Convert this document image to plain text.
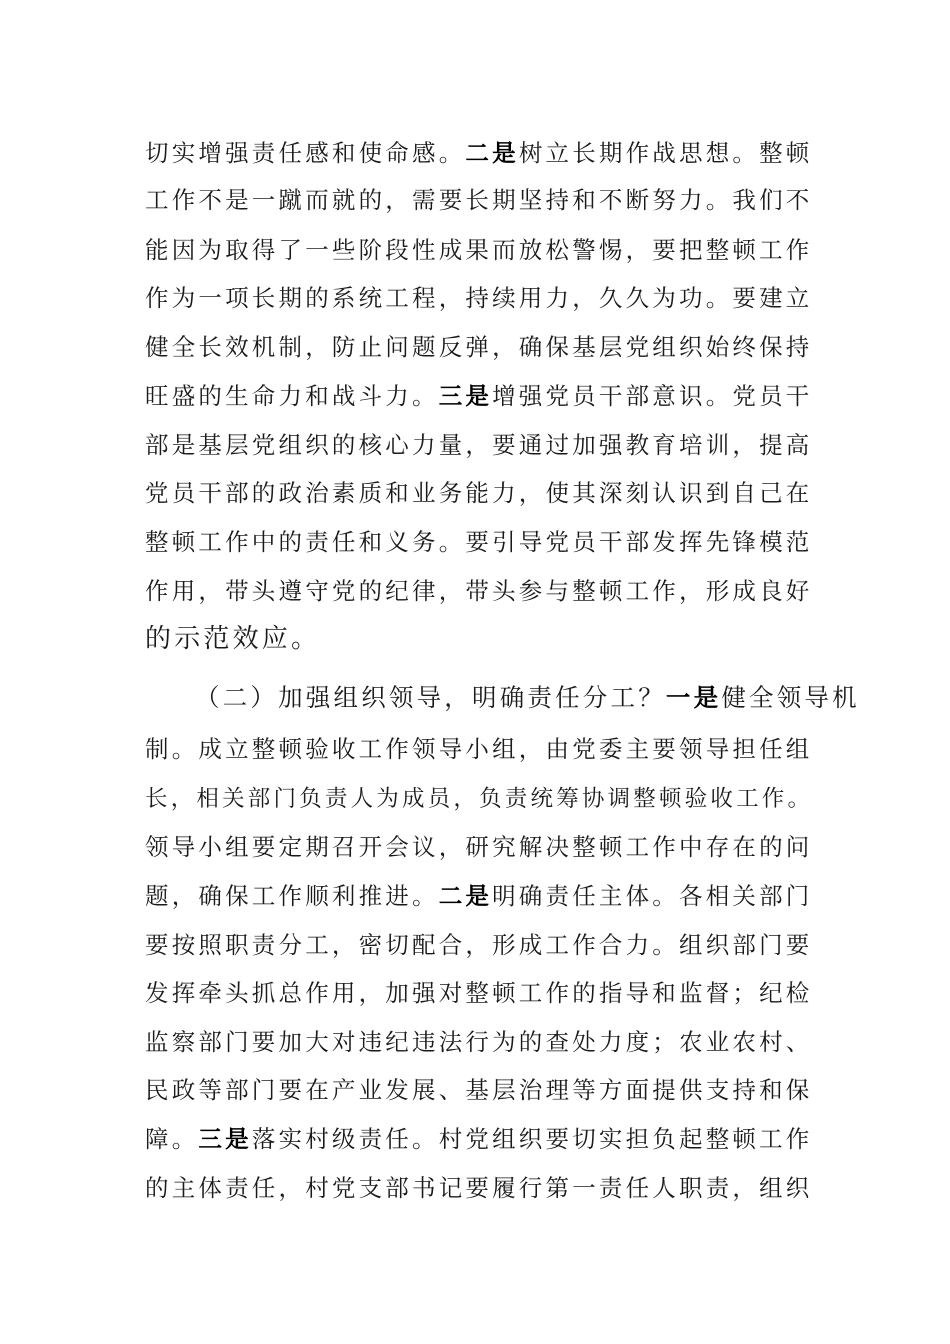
切实增强责任感和使命感。二是树立长期作战思想。整顿
工作不是一蹴而就的，需要长期坚持和不断努力。我们不
能因为取得了一些阶段性成果而放松警惕，要把整顿工作
作为一项长期的系统工程，持续用力，久久为功。要建立
健全长效机制，防止问题反弹，确保基层党组织始终保持
旺盛的生命力和战斗力。三是增强党员干部意识。党员干
部是基层党组织的核心力量，要通过加强教育培训，提高
党员干部的政治素质和业务能力，使其深刻认识到自己在
整顿工作中的责任和义务。要引导党员干部发挥先锋模范
作用，带头遵守党的纪律，带头参与整顿工作，形成良好
的示范效应。
（二）加强组织领导，明确责任分工？一是健全领导机
制。成立整顿验收工作领导小组，由党委主要领导担任组
长，相关部门负责人为成员，负责统筹协调整顿验收工作。
领导小组要定期召开会议，研究解决整顿工作中存在的问
题，确保工作顺利推进。二是明确责任主体。各相关部门
要按照职责分工，密切配合，形成工作合力。组织部门要
发挥牵头抓总作用，加强对整顿工作的指导和监督；纪检
监察部门要加大对违纪违法行为的查处力度；农业农村、
民政等部门要在产业发展、基层治理等方面提供支持和保
障。三是落实村级责任。村党组织要切实担负起整顿工作
的主体责任，村党支部书记要履行第一责任人职责，组织
